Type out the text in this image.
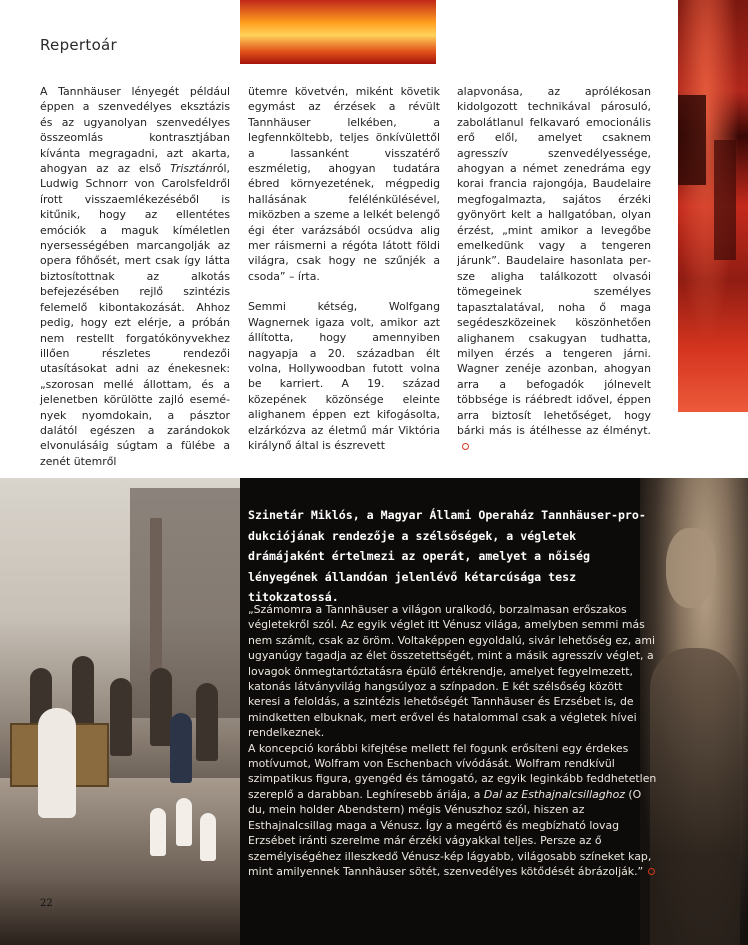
Repertoár

A Tannhäuser lényegét például éppen a szenvedélyes eksztázis és az ugyanolyan szenvedélyes összeomlás kontrasztjában kívánta megragadni, azt akarta, ahogyan az az első Trisztánról, Ludwig Schnorr von Carolsfeldről írott visszaemlékezéséből is kitűnik, hogy az ellentétes emóciók a maguk kíméletlen nyersességében marcangolják az opera főhősét, mert csak így látta biztosítottnak az alkotás befejezésében rejlő szintézis felemelő kibontakozását. Ahhoz pedig, hogy ezt elérje, a próbán nem restellt forgatókönyvekhez illően részletes rendezői utasításokat adni az énekesnek: „szorosan mellé állottam, és a jelenetben körülötte zajló események nyomdokain, a pásztor dalától egészen a zarándokok elvonulásáig súgtam a fülébe a zenét ütemről

ütemre követvén, miként követik egymást az érzések a révült Tannhäuser lelkében, a legfennköltebb, teljes önkívülettől a lassanként visszatérő eszméletig, ahogyan tudatára ébred környezetének, mégpedig hallásának felélénkülésével, miközben a szeme a lelkét belengő égi éter varázsából ocsúdva alig mer ráismerni a régóta látott földi világra, csak hogy ne szűnjék a csoda” – írta.

Semmi kétség, Wolfgang Wagnernek igaza volt, amikor azt állította, hogy amennyiben nagyapja a 20. században élt volna, Hollywoodban futott volna be karriert. A 19. század közepének közönsége eleinte alighanem éppen ezt kifogásolta, elzárkózva az életmű már Viktória királynő által is észrevett

alapvonása, az aprólékosan kidolgozott technikával párosuló, zabolátlanul felkavaró emocionális erő elől, amelyet csaknem agresszív szenvedélyessége, ahogyan a német zenedráma egy korai francia rajongója, Baudelaire megfogalmazta, sajátos érzéki gyönyört kelt a hallgatóban, olyan érzést, „mint amikor a levegőbe emelkedünk vagy a tengeren járunk”. Baudelaire hasonlata persze aligha találkozott olvasói tömegeinek személyes tapasztalatával, noha ő maga segédeszközeinek köszönhetően alighanem csakugyan tudhatta, milyen érzés a tengeren járni. Wagner zenéje azonban, ahogyan arra a befogadók jólnevelt többsége is ráébredt idővel, éppen arra biztosít lehetőséget, hogy bárki más is átélhesse az élményt.

Szinetár Miklós, a Magyar Állami Operaház Tannhäuser-produkciójának rendezője a szélsőségek, a végletek drámájaként értelmezi az operát, amelyet a nőiség lényegének állandóan jelenlévő kétarcúsága tesz titokzatossá.

„Számomra a Tannhäuser a világon uralkodó, borzalmasan erőszakos végletekről szól. Az egyik véglet itt Vénusz világa, amelyben semmi más nem számít, csak az öröm. Voltaképpen egyoldalú, sivár lehetőség ez, ami ugyanúgy tagadja az élet összetettségét, mint a másik agresszív véglet, a lovagok önmegtartóztatásra épülő értékrendje, amelyet fegyelmezett, katonás látványvilág hangsúlyoz a színpadon. E két szélsőség között keresi a feloldás, a szintézis lehetőségét Tannhäuser és Erzsébet is, de mindketten elbuknak, mert erővel és hatalommal csak a végletek hívei rendelkeznek.

A koncepció korábbi kifejtése mellett fel fogunk erősíteni egy érdekes motívumot, Wolfram von Eschenbach vívódását. Wolfram rendkívül szimpatikus figura, gyengéd és támogató, az egyik leginkább feddhetetlen szereplő a darabban. Leghíresebb áriája, a Dal az Esthajnalcsillaghoz (O du, mein holder Abendstern) mégis Vénuszhoz szól, hiszen az Esthajnalcsillag maga a Vénusz. Így a megértő és megbízható lovag Erzsébet iránti szerelme már érzéki vágyakkal teljes. Persze az ő személyiségéhez illeszkedő Vénusz-kép lágyabb, világosabb színeket kap, mint amilyennek Tannhäuser sötét, szenvedélyes kötődését ábrázolják.”

22
